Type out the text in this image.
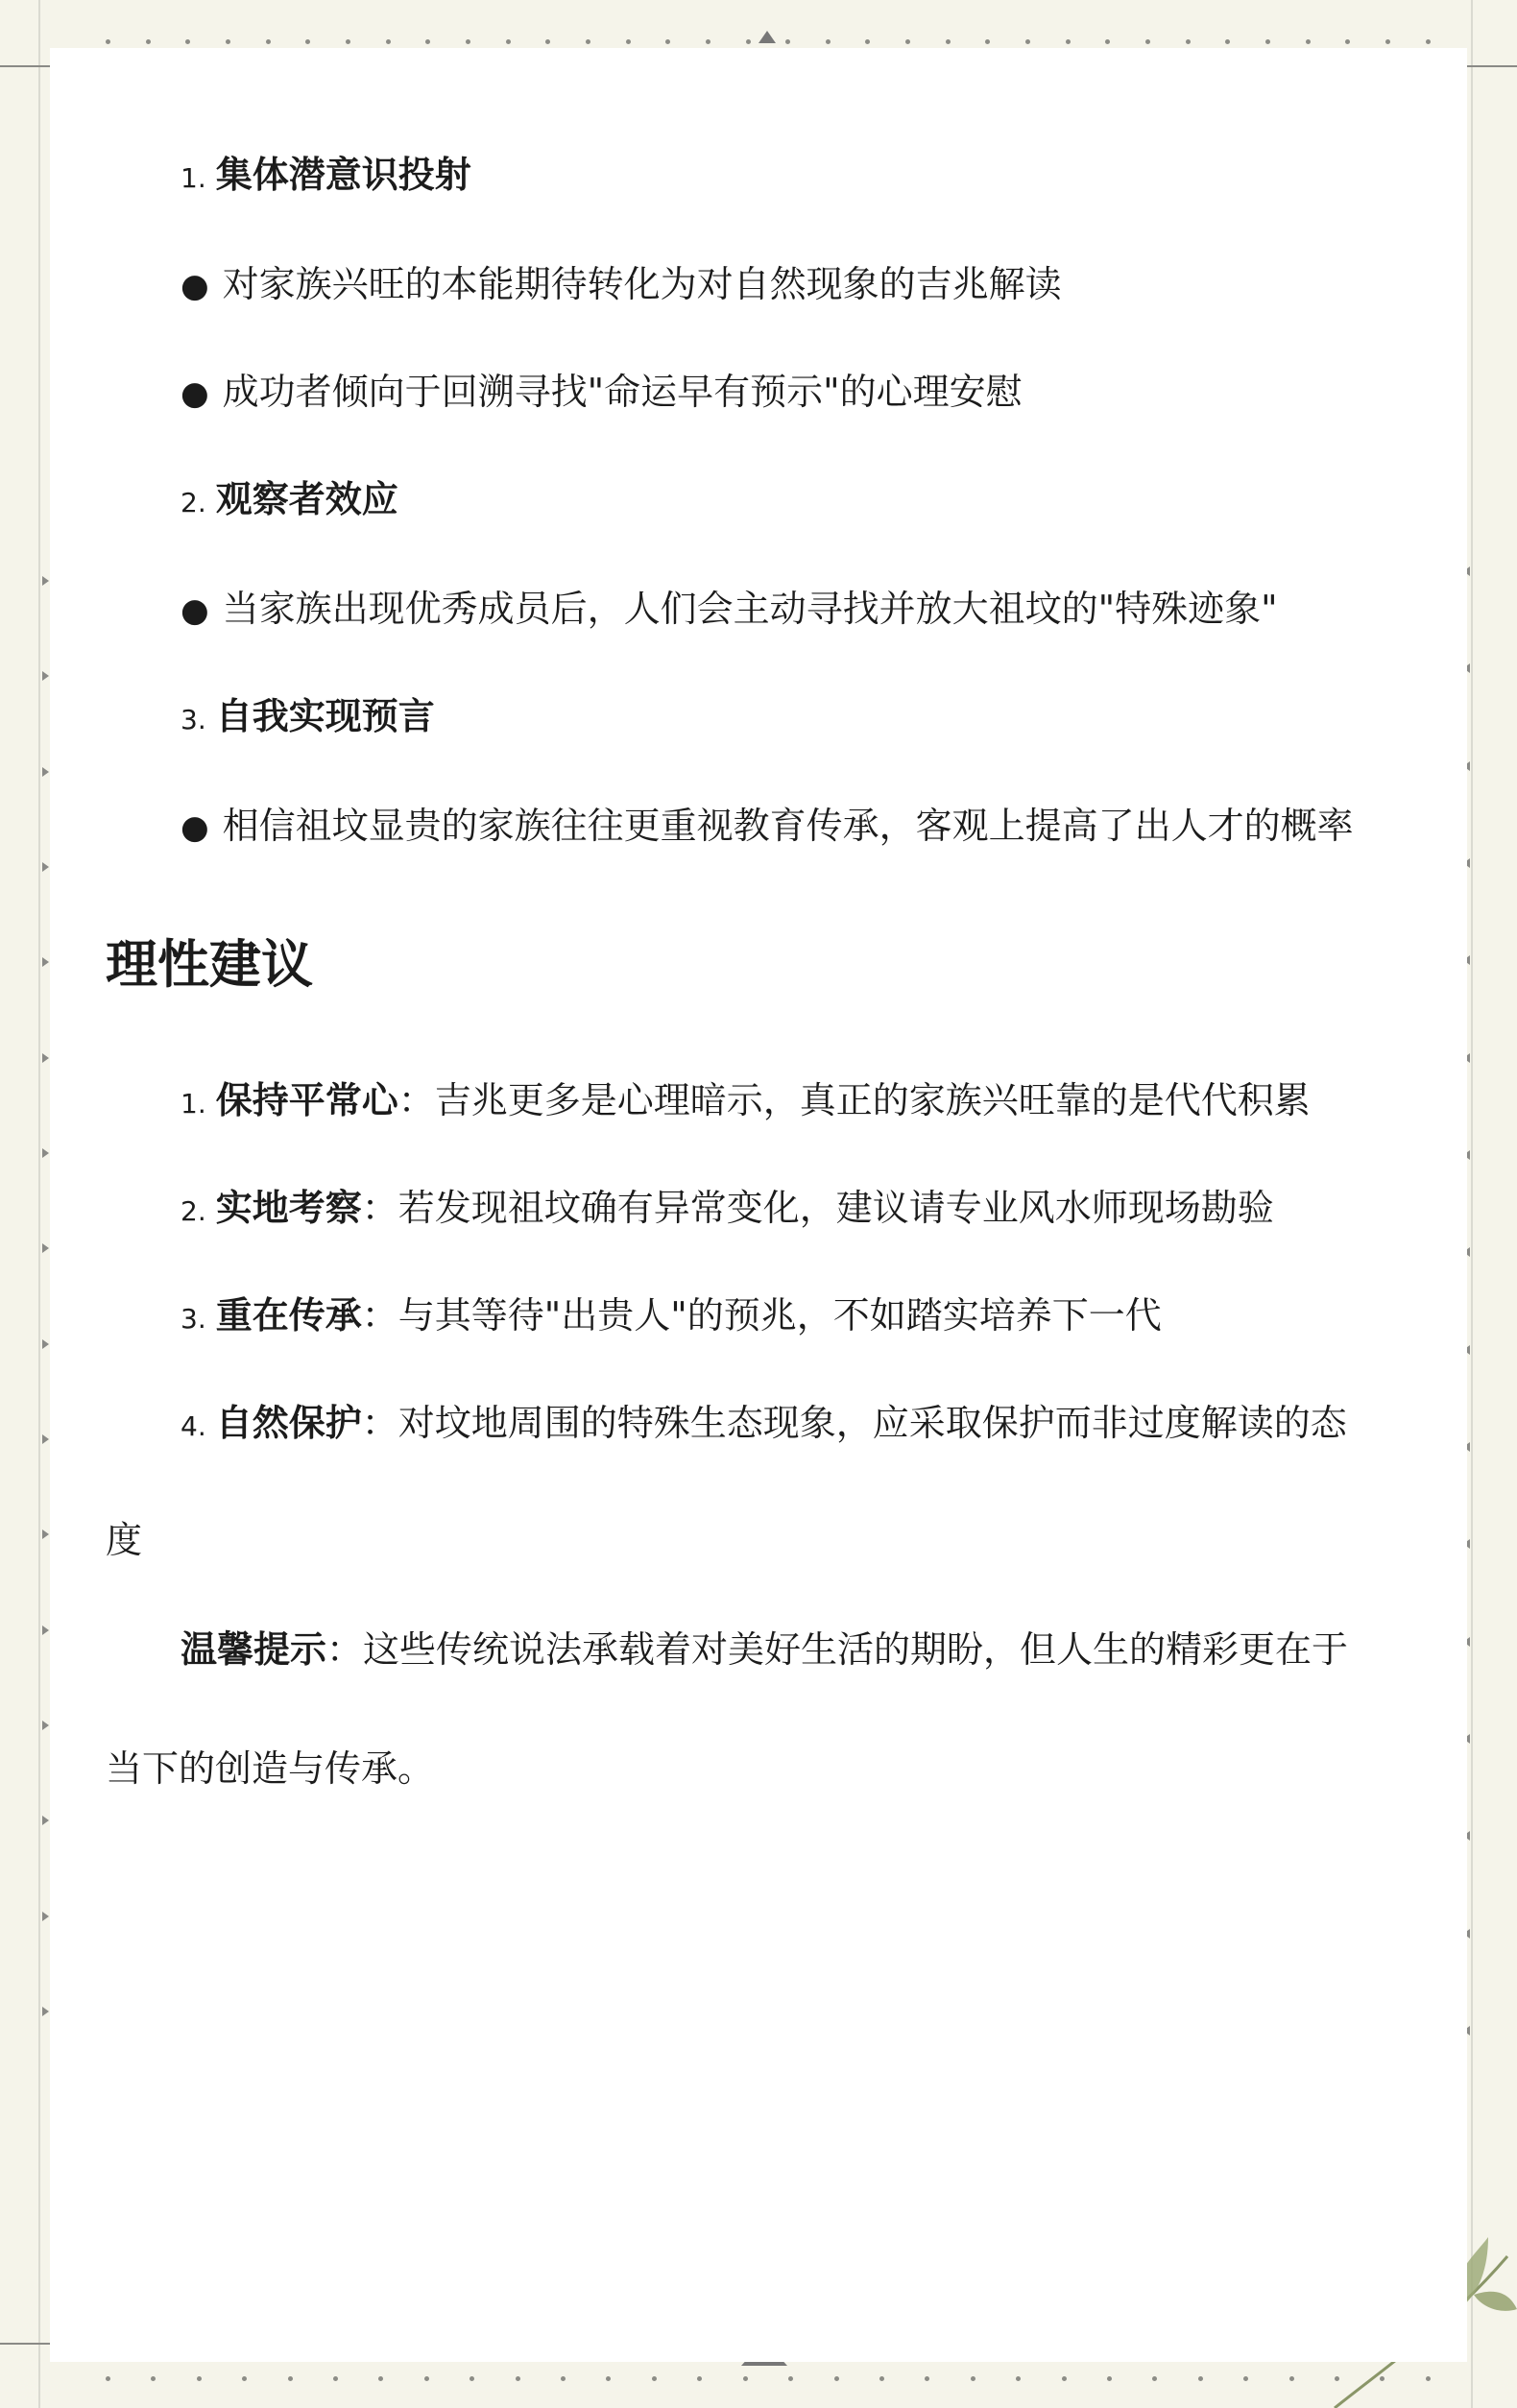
1. 集体潜意识投射
● 对家族兴旺的本能期待转化为对自然现象的吉兆解读
● 成功者倾向于回溯寻找"命运早有预示"的心理安慰
2. 观察者效应
● 当家族出现优秀成员后，人们会主动寻找并放大祖坟的"特殊迹象"
3. 自我实现预言
● 相信祖坟显贵的家族往往更重视教育传承，客观上提高了出人才的概率
理性建议
1. 保持平常心：吉兆更多是心理暗示，真正的家族兴旺靠的是代代积累
2. 实地考察：若发现祖坟确有异常变化，建议请专业风水师现场勘验
3. 重在传承：与其等待"出贵人"的预兆，不如踏实培养下一代
4. 自然保护：对坟地周围的特殊生态现象，应采取保护而非过度解读的态
度
温馨提示：这些传统说法承载着对美好生活的期盼，但人生的精彩更在于
当下的创造与传承。
